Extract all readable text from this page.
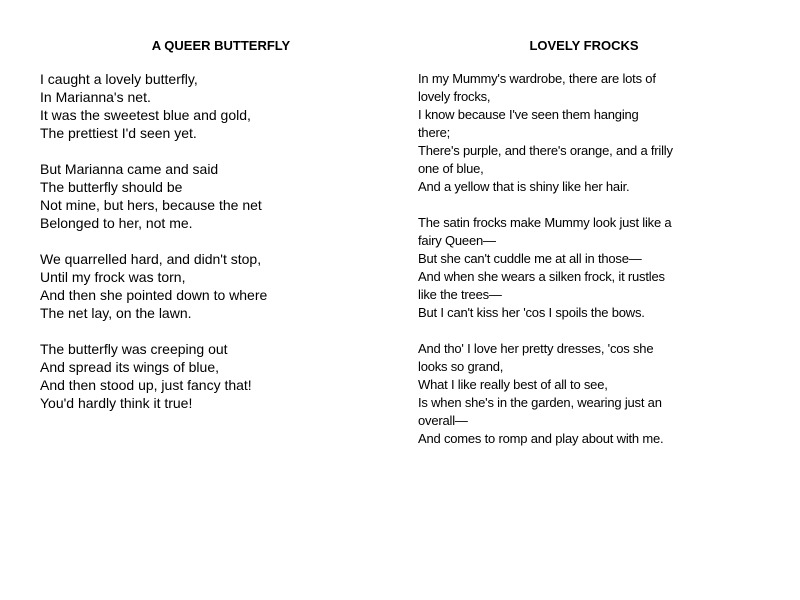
A QUEER BUTTERFLY
I caught a lovely butterfly,
In Marianna's net.
It was the sweetest blue and gold,
The prettiest I'd seen yet.
But Marianna came and said
The butterfly should be
Not mine, but hers, because the net
Belonged to her, not me.
We quarrelled hard, and didn't stop,
Until my frock was torn,
And then she pointed down to where
The net lay, on the lawn.
The butterfly was creeping out
And spread its wings of blue,
And then stood up, just fancy that!
You'd hardly think it true!
LOVELY FROCKS
In my Mummy's wardrobe, there are lots of
lovely frocks,
I know because I've seen them hanging
there;
There's purple, and there's orange, and a frilly
one of blue,
And a yellow that is shiny like her hair.
The satin frocks make Mummy look just like a
fairy Queen—
But she can't cuddle me at all in those—
And when she wears a silken frock, it rustles
like the trees—
But I can't kiss her 'cos I spoils the bows.
And tho' I love her pretty dresses, 'cos she
looks so grand,
What I like really best of all to see,
Is when she's in the garden, wearing just an
overall—
And comes to romp and play about with me.
